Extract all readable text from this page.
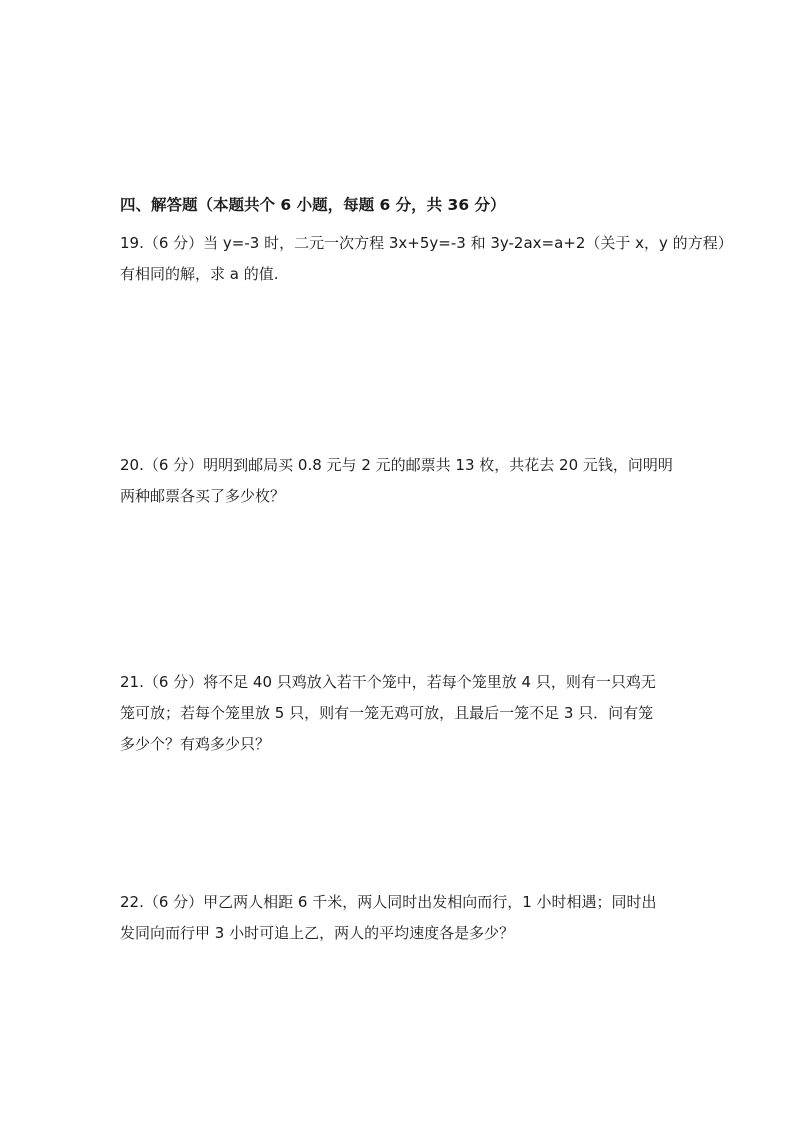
四、解答题（本题共个 6 小题，每题 6 分，共 36 分）
19.（6 分）当 y=-3 时，二元一次方程 3x+5y=-3 和 3y-2ax=a+2（关于 x，y 的方程）
有相同的解，求 a 的值.
20.（6 分）明明到邮局买 0.8 元与 2 元的邮票共 13 枚，共花去 20 元钱，问明明
两种邮票各买了多少枚？
21.（6 分）将不足 40 只鸡放入若干个笼中，若每个笼里放 4 只，则有一只鸡无
笼可放；若每个笼里放 5 只，则有一笼无鸡可放，且最后一笼不足 3 只．问有笼
多少个？有鸡多少只？
22.（6 分）甲乙两人相距 6 千米，两人同时出发相向而行，1 小时相遇；同时出
发同向而行甲 3 小时可追上乙，两人的平均速度各是多少？
